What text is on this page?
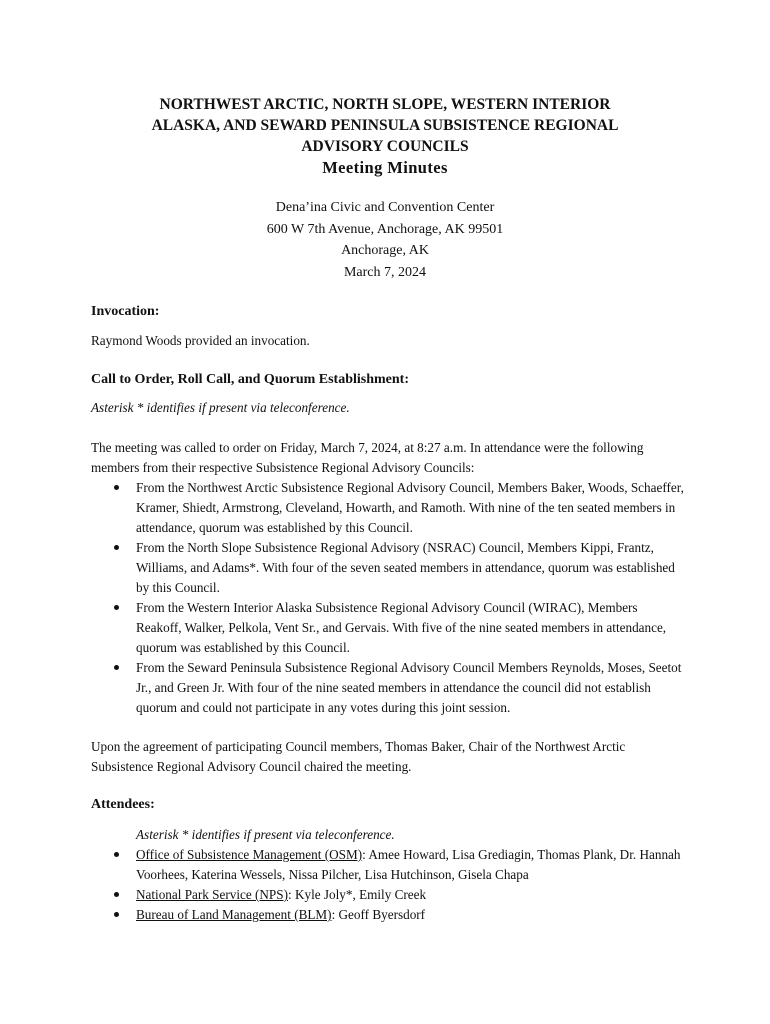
NORTHWEST ARCTIC, NORTH SLOPE, WESTERN INTERIOR
ALASKA, AND SEWARD PENINSULA SUBSISTENCE REGIONAL
ADVISORY COUNCILS
Meeting Minutes
Dena’ina Civic and Convention Center
600 W 7th Avenue, Anchorage, AK 99501
Anchorage, AK
March 7, 2024
Invocation:
Raymond Woods provided an invocation.
Call to Order, Roll Call, and Quorum Establishment:
Asterisk * identifies if present via teleconference.
The meeting was called to order on Friday, March 7, 2024, at 8:27 a.m. In attendance were the following members from their respective Subsistence Regional Advisory Councils:
From the Northwest Arctic Subsistence Regional Advisory Council, Members Baker, Woods, Schaeffer, Kramer, Shiedt, Armstrong, Cleveland, Howarth, and Ramoth. With nine of the ten seated members in attendance, quorum was established by this Council.
From the North Slope Subsistence Regional Advisory (NSRAC) Council, Members Kippi, Frantz, Williams, and Adams*. With four of the seven seated members in attendance, quorum was established by this Council.
From the Western Interior Alaska Subsistence Regional Advisory Council (WIRAC), Members Reakoff, Walker, Pelkola, Vent Sr., and Gervais. With five of the nine seated members in attendance, quorum was established by this Council.
From the Seward Peninsula Subsistence Regional Advisory Council Members Reynolds, Moses, Seetot Jr., and Green Jr. With four of the nine seated members in attendance the council did not establish quorum and could not participate in any votes during this joint session.
Upon the agreement of participating Council members, Thomas Baker, Chair of the Northwest Arctic Subsistence Regional Advisory Council chaired the meeting.
Attendees:
Asterisk * identifies if present via teleconference.
Office of Subsistence Management (OSM): Amee Howard, Lisa Grediagin, Thomas Plank, Dr. Hannah Voorhees, Katerina Wessels, Nissa Pilcher, Lisa Hutchinson, Gisela Chapa
National Park Service (NPS): Kyle Joly*, Emily Creek
Bureau of Land Management (BLM): Geoff Byersdorf
